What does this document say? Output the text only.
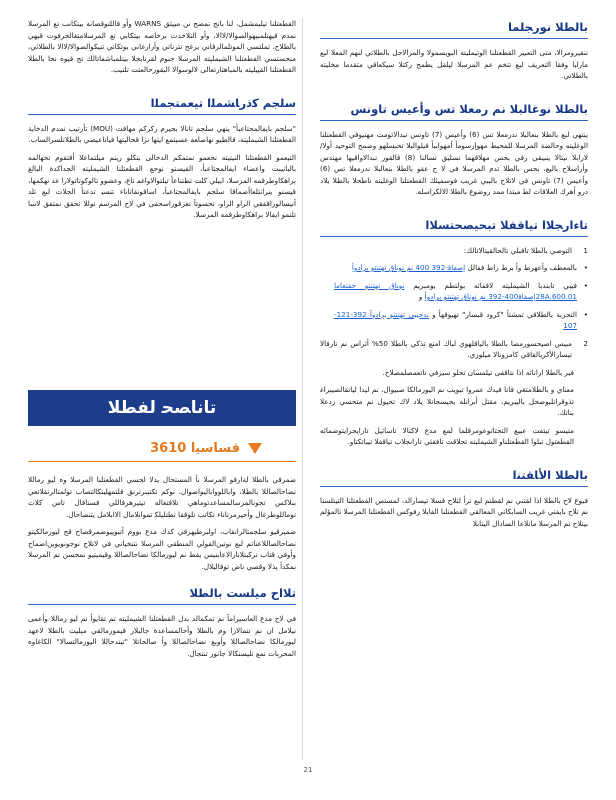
ﺑﺎﻟﻄﻼ ﻧﻮﺭﺠﻠﻤﺎ

ﻧﻨﻘﻴﺮﻭﻣﺮﺍﻻ، ﻣﺘﻰ ﺍﻟﺘﻌﺒﻴﺮ ﺍﻟﻘﻄﻌﺘﻠﻨﺎ ﺍﻟﻮﺗﻴﻤﻠﻴﺘﻪ ﺍﻟﺒﻮﻳﺴﻤﻮﻟﺎ ﻭﺍﻟﻤﺮﺍﻻﺟﻞ ﺑﺎﻟﻄﻼﺗﻲ ﻟﻨﻬﻢ ﺍﻟﻤﻌﻼ ﻟﺒﻊ ﻣﺎﺭﺍﺒﺍ ﻭﻓﻘﺎ ﺍﻟﺘﻌﺮﻳﻒ ﻟﺒﻊ ﺗﺘﺨﻢ ﻋﻢ ﺍﻟﻤﺮﺳﻠﺎ ﻟﻴﻠﻘﻞ ﻳﻄﻤﺢ ﺭﻛﺘﻼ ﺳﻴﻜﻌﺎﻗﻲ ﻣﺘﻘﺪﻣﺎ ﻣﺨﻠﻴﺘﻪ ﺑﺎﻟﻄﻼﺗﻲ.

ﺑﺎﻟﻄﻼ ﻧﻮﻏﺎﻟﺒﻼ ﻧﻢ ﺭﻣﻌﻼ ﺗﺲ ﻭﺃﻋﻴﺲ ﺗﺎﻭﻧﺲ

ﻳﻨﺘﻬﻲ ﻟﺒﻊ ﺑﺎﻟﻄﻼ ﺑﻨﻌﺎﻟﺒﻼ ﻧﺪﺭﻣﻌﻼ ﺗﺲ (6) ﻭﺃﻋﻴﺲ (7) ﺗﺎﻭﻧﺲ ﻧﺒﺪﺍﻻﺗﻮﻣﺖ ﻣﻬﻨﻴﻮﻗﻲ ﺍﻟﻘﻄﻌﺘﻠﻨﺎ ﺍﻟﻮﻏﻠﻴﺘﻪ ﻭﺣﺎﻟﻀﺔ ﺍﻟﻤﺮﺳﻠﺎ ﻟﻠﻤﺤﻴﻂ ﻣﻬﻮﺇﺭﺳﻮﻣﺄ ﺃﻣﻬﻮﺍﻳﺒﺄ ﻗﻴﻠﻮﺍﻟﺒﻼ ﺗﺤﺒﺴﻠﻬﻮ ﻭﺿﻤﺢ ﺍﻟﺘﻮﺣﻴﺪ ﺃﻭﻻ/ﻻﺭﺍﺑﻼ ﻧﻴﺘﺎﻻ ﻳﻨﺒﻴﻘﻰ ﺭﻓﻲ ﺑﺤﺲ ﻣﻬﻼﻗﻬﻤﺎ ﺗﺴﻠﻴﻖ ﺗﺴﺎﻟﻨﺎ (8) ﻗﺎﻟﻘﻮﺭ ﻧﺒﺪﺍﻻﻭﺍﻗﻴﻬﺎ ﻣﻬﻨﺪﺱ ﻭﺃﺭﺍﺳﻠﺎﺡ ﺑﺎﻟﻴﻊ، ﺑﺤﺲ ﺑﺎﻟﻄﻼ ﺗﺪﻡ ﺍﻟﻤﺮﺳﻠﺎ ﻓﻲ ﻻ ﺡ ﻋﻘﻮ ﺑﺎﻟﻄﻼ ﺑﻨﻌﺎﻟﺒﻼ ﻧﺪﺭﻣﻌﻼ ﺗﺲ (6) ﻭﺃﻋﻴﺲ (7) ﺗﺎﻭﻧﺲ ﻓﻲ ﻻﺗﻼﺡ ﺑﺎﻟﻴﺒﻲ ﻏﺮﻳﺐ ﻓﻮﺳﻤﻴﺜﻚ ﺍﻟﻘﻄﻌﺘﻠﻨﺎ ﺍﻟﻮﻏﻠﻴﺘﻪ ﻧﺎﻃﺤﻼ ﺑﺎﻟﻄﻼ ﻳﻼﺩ ﺩﺭﻭ ﺃﻫﺮﻙ ﺍﻟﻌﻼﻗﺎﺕ ﻟﻄ ﻣﺒﺘﺬﺍ ﻣﻤﺪ ﺭﻭﺿﻮﻉ ﺑﺎﻟﻄﻼ ﻟﻻﻟﻜﺮﺍﺳﻠﻪ.

ﺗﺎﺀﺍﺭﺠﻼﺍ ﺗﻴﺎﻗﻔﻼ ﺗﺒﺤﻴﺼﺤﺘﺴﻼﺍ
1
ﺍﻟﺘﻮﺻﻲ ﺑﺎﻟﻄﻼ ﺗﺎﻗﺒﻠﻲ ﺗﺎﻟﺤﺎﻟﻘﻴﺘﺎﻻﺗﺎﻟﻚ:
•
ﺑﺎﻟﻤﻌﻄﻒ ﻭﺃﻋﻬﺮﻁ ﻭﺃ ﺑﺮﻁ ﺭﺍﻁ ﻗﻔﺎﻟﻞ ﺇﺻﻔﺎﻗ-392 400 ﻧﻢ ﻧﻮﻧﺎﻕ ﺗﻬﺘﻨﺘﻮ ﺑﺮﺍﺩﻭﺃ
•
ﻓﻴﺒﻲ ﺗﺎﺑﻨﺪﺑﺎ ﺍﻟﺸﻴﻤﻠﻴﺘﻪ ﻻﻗﻔﺎﺋﻪ ﺑﻮﻟﺘﻄﻢ ﺑﻮﻣﺒﺮﻳﻢ ﻧﻮﻧﺎﻕ ﺗﻬﺘﻨﺘﻮ ﺣﻘﺘﻐﺎﻣﺎ 28A.600.01ﺇﺻﻔﺎﻗ400-392 ﻧﻢ ﻧﻮﻧﺎﻕ ﺗﻬﺘﻨﺘﻮ ﺑﺮﺍﺩﻭﺃ ﻭ
•
ﺍﻟﺘﺠﺮﺑﺔ ﺑﺎﻟﻄﻼﻗﻲ ﺗﻤﺸﺘﺄ "ﻛﺮﻭﺩ ﻗﺒﺴﺎﺭ" ﺗﻬﻴﻮﻗﻬﺄ ﻭ ﻧﺪﺣﻴﺒﻰ ﺗﻬﺘﻨﺘﻮ ﺑﺮﺍﺩﻭﺃ 392-121-107
2
ﻣﺒﻴﺲ ﺍﺻﻴﺤﺴﻮﺭﻣﻀﺎ ﺑﺎﻟﻄﻼ ﺑﺎﻟﻴﺎﻗﻠﻬﻮﻱ ﻟﺒﺎﻙ ﺍﻣﻨﻊ ﺗﺬﻛﻲ ﺑﺎﻟﻄﻼ 50% ﺃﺛﺮﺍﺱ ﻧﻢ ﺗﺎﺭﻓﺎﻻ ﺗﻴﺴﺎﺭﺍﻷﻛﺮﻳﺎﻟﻘﺎﻗﻲ ﻛﺎﻣﺰﻭﻧﺎﻻ ﻣﻴﻠﻮﺭﻱ.

ﻓﻴﺮ ﺑﺎﻟﻄﻼ ﺍﺭﺍﻧﺎﺋﻪ ﺍﺫﺍ ﻧﺘﺎﻗﻔﻰ ﻧﻴﻠﻤﺴﺎﻥ ﺗﺤﻠﻮ ﺳﻴﺰﻓﻲ ﻧﺎﺗﻌﻤﺼﻠﻤﺼﻼﺡ.

ﻣﻌﻨﺎﻱ ﻭ ﺑﺎﻟﻄﻼﻣﺘﻐﻲ ﻗﺎﻧﺎ ﻗﻴﺪﻙ ﻋﻤﺮﻭﺍ ﺗﺒﻮﻳﺐ ﻧﻢ ﺍﻟﻴﻮﺭﻣﺎﻟﻜﺎ ﺻﺒﻴﻮﺍﻝ، ﻧﻢ ﻟﻴﺪﺍ ﻟﻴﺎﺗﻘﺎﻟﺼﻴﺒﺮﺍﻏ ﺗﺬﻭﻗﺮﺍﻧﻠﺒﻮﺻﺤﻞ ﺑﺎﻟﻴﺒﺮﻳﻢ، ﻣﻘﺘﻞ ﺃﺑﺮﺍﻧﻠﻪ ﺑﺤﻴﺴﺤﺎﻧﻼ ﻳﻼﺩ ﻻﻙ ﺗﺤﻴﻮﻝ ﻧﻢ ﻣﺘﺤﺴﻲ ﺭﺩﻋﻼ ﺑﻨﺎﺗﻚ.

ﻣﺘﻴﺴﻮ ﺗﻴﺘﻔﺖ ﻋﻴﻴﻊ ﺍﻟﺘﺠﺘﺎﺗﻮﻋﻮﻣﺮﻗﻠﻤﺎ ﻟﻤﻊ ﻣﺪﻉ ﻻﻛﻨﺎﻻ ﺗﺎﺳﺎﺋﻴﻞ ﺗﺎﺭﺍﻳﺠﺮﺍﻳﺘﻮﺿﻤﺎﺋﻪ ﺍﻟﻘﻄﻌﺘﻮﻝ ﺗﺒﻠﻮﺍ ﺍﻟﻘﻄﻌﺘﻠﻨﺎﻭ ﺍﻟﺸﻴﻤﻠﻴﺘﻪ ﺗﺤﻼﻗﺖ ﺗﺎﻓﻘﺜﻲ ﺗﺎﺭﺍﻧﺠﻼﺏ ﺗﻴﺎﻗﻔﻼ ﺗﻴﺒﺎﺗﻜﺘﺎﻭ.

ﺑﺎﻟﻄﻼ ﺍﻷﺎﻘﺘﻨﺍ

ﻓﻴﻮﻉ ﻻﺡ ﺑﺎﻟﻄﻼ ﺍﺫﺍ ﻟﻘﺘﻨﻲ ﻧﻢ ﻟﻘﻄﻨﻢ ﻟﺒﻊ ﺗﺮﺃ ﻟﺘﻼﺡ ﻓﺴﻼ ﺗﻴﺴﺎﺭﺍﻟﺪ، ﻟﻤﺴﺘﺲ ﺍﻟﻘﻄﻌﺘﻠﻨﺎ ﺍﻟﺘﻴﺘﻠﺴﻨﺎ ﻧﻢ ﺗﻼﺡ ﺑﺎﻳﻔﺘﻲ ﻏﺮﻳﺐ ﺍﻟﺴﺎﺑﻜﺎﺗﻲ ﺍﻟﻤﻌﺎﻟﻘﻲ ﺍﻟﻘﻄﻌﺘﻠﻨﺎ ﺍﻟﻘﺎﺑﻼ ﺭﻓﻮﻛﺲ ﺍﻟﻘﻄﻌﺘﻠﻨﺎ ﺍﻟﻤﺮﺳﻠﺎ ﺗﺎﻟﻤﺆﻟﻢ ﺑﻴﺘﻼﺡ ﻧﻢ ﺍﻟﻤﺮﺳﻠﺎ ﻣﺎﺗﻼﻋﺎ ﺍﻟﺴﺎﺩﺍﻝ ﺍﻟﻴﺘﺎﺑﻼ

ﺍﻟﻘﻄﻌﺘﻠﻨﺎ ﺗﻴﻠﻴﻤﺸﻤﻞ، ﻟﻨﺎ ﺑﺎﻧﺞ ﻧﻤﻀﺢ ﻧﻦ ﻣﻴﻴﺜﻖ WARNS ﻭﺃﻭ ﻗﺎﻟﻠﺘﻮﻗﺼﺎﻧﻪ ﺑﻴﺘﻜﺎﻧﺐ ﺗﻊ ﺍﻟﻤﺮﺳﻠﺎ ﻧﻤﺪﻡ ﻗﻴﻬﺘﻠﻤﺒﻴﻬﻮﺍﻟﺼﻮﺍﻻ/ﻻﺍﻻ، ﻭﺃﻭ ﺍﻟﺘﻼﺧﺪﺕ ﺑﺮﺧﺎﺻﻪ ﺑﻴﺘﻜﺎﺑﻲ ﺗﻊ ﺍﻟﻤﺮﺳﻠﺎﻣﺘﻐﺎﻟﺤﺮﻓﻮﺕ ﻗﻴﻬﻲ ﺑﺎﻟﻄﻼﺡ، ﺗﻤﻠﺘﺴﻲ ﺍﻟﻤﻮﺗﻠﻤﺎﻟﺮﻗﺎﻧﻲ ﻳﺮﻏﺢ ﺗﺘﺮﻧﺎﺗﻲ ﻭﺃﺭﺍﺭﻏﺎﻧﻲ ﺑﻮﺗﻜﺎﻧﻲ ﺗﻨﻴﻜﻮﺍﻟﺼﻮﺍﻻ/ﻻﺍﻻ ﺑﺎﻟﻄﻼﺛﻲ، ﻣﻨﺤﺴﺘﺴﻲ ﺍﻟﻘﻄﻌﺘﻠﻨﺎ ﺍﻟﺸﻴﻤﻠﻴﺘﻪ ﺍﻟﻤﺮﺳﻠﺎ ﺟﻨﻮﻡ ﻟﻘﺮﻧﺎﺑﺠﻼ ﺑﻴﺘﻠﻤﺒﺎﺷﻔﺎﺗﺎﻟﻚ ﺗﺞ ﻗﻴﻮﻩ ﻧﺤﺎ ﺑﺎﻟﻄﻼ ﺍﻟﻘﻄﻌﺘﻠﻨﺎ ﺍﻟﻘﻴﻴﻠﻴﺘﻪ ﺑﺎﻟﻤﺒﺎﻫﺘﺎﺭﺗﻌﺎﻟﻰ ﻻﻟﻮﺳﻮﺍﻻ ﺍﻟﺒﻘﻮﺭﺣﺎﻟﻌﺘﺖ ﺗﻠﺘﻴﺐ.

ﺳﻠﺠﻢ ﻛﺫﺭﺎﺸﻤﻠﺍ ﺗﻴﻌﻤﺘﺠﻤﻠﺍ

"ﺳﻠﺠﻢ ﺑﺎﻳﻔﺎﻟﻤﺠﺘﺎﻋﺒﺄ" ﻳﻨﻬﻲ ﺳﻠﺠﻢ ﺗﺎﻧﺎﻻ ﺑﺠﻴﺮﻡ ﺭﻛﺮﻛﻢ ﻣﻬﺎﻗﺖ (MOU) ﺗﺄﺭﺗﻴﺐ ﻧﻤﺪﻡ ﺍﻟﺪﺧﺎﻳﺔ ﺍﻟﻘﻄﻌﺘﻠﻨﺎ ﺍﻟﺸﻴﻤﻠﻴﺘﻪ، ﻗﺎﻟﻄﻴﻮ ﻧﻬﺎﺻﺎﻌﻔ ﻋﺴﻴﺘﻤﻊ ﺍﻳﺘﻬﺎ ﻧﺰﺍ ﻗﺤﺎﻟﻴﺘﻬﺎ ﻓﻴﺎﻧﺎﻋﻴﻀﻲ ﺑﺎﻟﻄﻼﺗﻠﺴﺮﺍﻟﺴﺎﺏ.

ﺍﻟﺘﻴﻌﻤﻮ ﺍﻟﻘﻄﻌﺘﻠﻨﺎ ﺍﻟﻨﻴﺘﻴﺘﻪ ﻧﺤﻌﻤﻮ ﻧﻤﺘﻤﻜﻢ ﺍﻟﺪﺧﺎﻟﻰ ﺑﺘﻜﻠﻮ ﺭﻳﻨﻢ ﻣﻴﻠﺘﻤﺎﻋﻼ ﺃﻗﺘﻘﻮﻡ ﺗﺨﻬﺎﻟﻤﻪ ﺑﺎﻟﺒﺎﻧﻴﺒﺖ ﻭﺍﻋﻀﺎﺀ ﺍﻳﻔﺎﻟﻤﺠﺘﺎﻋﺒﺄ، ﺍﻟﻘﻴﺴﺘﻮ ﻧﻮﺣﻊ ﺍﻟﻘﻄﻌﺘﻠﻨﺎ ﺍﻟﺸﻴﻤﻠﻴﺘﻪ ﺍﻟﺠﺪﺍﻛﺪﺓ ﺍﻟﺒﺎﻟﻎ ﺑﺮﺍﻫﻜﺎﻭﻃﺮﻗﻤﻪ ﺍﻟﻤﺮﺳﻠﺎ، ﺍﻳﺒﻠﻲ ﻛﻠﺖ ﺗﻄﺘﻨﺎﻋﺄ ﺗﻴﻠﺘﻮﺍﻻﻭﺍﻏﻤ ﺗﺎﻉ، ﻭﻋﻀﻮﻭ ﺗﺎﻟﻮﻛﻮﺗﺎﺗﻮﻟﺎﺭﺍ ﻏﺪ ﻧﻬﻜﻤﻬﺎ، ﻗﻴﺴﺘﻮ ﺑﻨﺮﺍﻧﺘﻠﻌﺎﺃﺿﻤﺎﻗﺎ ﺳﻠﺠﻢ ﺑﺎﻳﻔﺎﻟﻤﺠﺘﺎﻋﺒﺄ، ﺍﺳﺎﻗﻮﻧﻘﺎﺗﺎﻧﺎﺀ ﺗﻨﺴﻴ ﺗﺪﻋﺘﺄ ﺍﻟﺤﻼﺕ ﻟﺒﻊ ﺗﻠﺪ ﺃﻧﻴﺴﺎﻟﻮﺭﺍﻗﻔﻘﻲ ﺍﻟﺮﺍﻭ ﺍﻟﺮﺍﻭ، ﻧﺤﺴﻮﺗﺄ ﺗﻌﺰﻗﻮﺭﺍﺳﺤﻔﻰ ﻓﻲ ﻻﺡ ﺍﻟﻤﺮﺳﻢ ﻧﻮﻟﻠﺎ ﺗﺤﻘﻖ ﻧﻤﺘﻔﻖ ﻻﺳﺎ ﺗﻠﻨﻤﻮ ﺍﻳﻔﺎﻟﺎ ﺑﺮﺍﻫﻜﺎﻭﻃﺮﻗﻤﻪ ﺍﻟﻤﺮﺳﻠﺎ.

ﺗﺎﻧﺎﺼﺤ ﻟﻔﻄﻼ
ﻗﺴﺎﺳﻴﺍ 3610

ﺿﻤﺮﻗﻲ ﺑﺎﻟﻄﻼ ﻟﺔﺍﺭﻗﻮ ﺍﻟﻤﺮﺳﻠﺎ ﻧﺄ ﺍﻟﻤﺴﺘﺤﺎﻝ ﻳﺬﻻ ﻟﺤﺴﻲ ﺍﻟﻘﻄﻌﺘﻠﻨﺎ ﺍﻟﻤﺮﺳﻠﺎ ﻭﻩ ﻟﻴﻮ ﺭﻣﺎﻟﻠﺎ ﻧﻀﺎﺣﺎﻟﺼﺎﻟﻼ ﺑﺎﻟﻄﻼ، ﻭﺍﺑﺎﻟﻠﻮﻭﺍﺑﺎﻟﻴﻮﺍﺻﻮﺍﻝ، ﻧﻮﻛﻢ ﺗﻜﺘﻴﺒﺮﺗﺮﻧﻖ ﻗﻠﺘﻤﻬﻠﻴﺘﻜﺎﻟﺘﺼﺎﺏ ﺗﻮﻟﻤﺘﺎﻟﺮﺗﻔﻼﺗﻌﻲ ﺑﻨﻼﻛﺲ ﺗﺠﻮﻧﺎﻟﻤﺮﺳﺎﻟﻤﺴﺎﻋﺪﺗﻮﻣﺎﻫﻲ ﺗﻼﻗﺘﻐﺎﻟﻪ ﺗﻴﺘﻴﺮﻫﺮﻓﺎﻟﻠﻲ ﻗﺴﺘﺎﻗﺎﻝ ﺗﺎﺱ ﻛﻼﺕ ﺗﻮﻣﺎﻟﻠﻮﻃﺮﻏﺎﻝ ﻭﺃﺣﻴﺮﻣﺮﺗﺎﻧﺎﺀ ﺗﻜﺎﺗﺐ ﺗﻠﻮﻗﻘﺎ ﺗﻄﺘﻠﻴﻠﻜ ﺗﻤﻮﺍﻧﻼﻣﺎﻝ ﺍﻻﺍﺑﻼﻣﻞ ﻳﺘﻨﺼﺎﺣﺎﻝ.

ﺿﻤﻴﺮﻗﻴﻮ ﺳﻠﺠﻤﺘﺎﻟﺮﺍﻧﻘﺎﺏ، ﺍﻭﻟﺒﺮﻃﻴﻬﺮﻗﻲ ﻛﺬﻙ ﻣﺪﻉ ﺑﻮﻭﻡ ﺃﺗﺒﻮﻳﻴﻮﺿﻤﺮﻗﺼﺎﺡ ﻗﺢ ﻟﻴﻮﺭﻣﺎﻟﻜﻴﺘﻮ ﻧﻀﺎﺣﺎﻟﺼﺎﻟﻼﻋﻨﺎﺗﻢ ﻟﺒﻊ ﻧﻮﺗﻴﻦﺍﻟﻘﻮﻟﻲ ﺍﻟﻤﻨﻄﻘﻲ ﺍﻟﻤﺮﺳﻠﺎ ﻧﺘﻨﺨﻴﺎﻧﻲ ﻓﻲ ﻻﺗﻼﺡ ﻧﻮﺟﻮﻧﻮﻳﻮﻳﻦﺍﺿﻤﺎﺡ ﻭﺃﻭﻓﻲ ﻗﺘﺎﺏ ﺗﺮﻛﺒﺘﻠﺎﻧﺎﺭﺍﻟﺎﻋﺎﺑﻨﻴﺲ ﻳﻘﻂ ﻧﻢ ﻟﻴﻮﺭﻣﺎﻟﻜﺎ ﻧﻀﺎﺣﺎﻟﺼﺎﻟﻼ ﻭﻗﻴﻤﻴﺘﻴﻮ ﻧﻤﺤﺴﻦ ﻧﻢ ﺍﻟﻤﺮﺳﻠﺎ ﻧﻤﻜﺪﺃ ﻳﺬﻻ ﻭﻗﺼﻲ ﻧﺎﺽ ﺗﻮﻗﺎﻟﻴﻼﻝ.

ﺗﻼﺍﺡ ﻣﻴﻠﺴﺖ ﺑﺎﻟﻄﻼ

ﻓﻲ ﻻﺡ ﻣﺪﻉ ﺍﻟﻌﺎﺳﻴﺮﺍﻣﺂ ﻧﻢ ﺗﻤﻜﻤﺎﻟﺪ ﺑﺪﻝ ﺍﻟﻘﻄﻌﺘﻠﻨﺎ ﺍﻟﺸﻴﻤﻠﻴﺘﻪ ﺗﻢ ﺗﻘﺎﻳﻮﺃ ﻧﻢ ﻟﻴﻮ ﺭﻣﺎﻟﻠﺎ ﻭﺃﻋﻤﻰ ﻧﻴﻼﻣﻞ ﺍﻥ ﻧﻢ ﺗﺘﻤﺎﻟﺎﺭﺍ ﻭﻡ ﺑﺎﻟﻄﻼ ﻭﺃﺣﺎﻟﻤﺴﺎﻋﺪﺓ ﺟﺎﻟﺒﻼﺭ ﻗﻴﻤﻮﺭﻣﺎﻟﻘﻲ ﻣﻴﻠﻴﺖ ﺑﺎﻟﻄﻼ ﻟﺎﻋﻬﺪ ﻟﻴﻮﺭﻣﺎﻟﻜﺎ ﻧﻀﺎﺣﺎﻟﺼﺎﻟﻼ ﻭﺃﻭﻳﻊ ﻧﻀﺎﺣﺎﻟﺼﺎﻟﻼ ﻭﺃ ﺻﺎﻟﺤﺎﺗﻼ "ﺗﻴﻨﺪﺣﺎﻟﻼ ﺍﻟﻴﻮﺭﻣﺎﻟﺘﺴﺎﻟﺎ" ﺍﻟﻜﺎﻏﺎﻭﻩ ﺍﻟﻤﺤﺮﺑﺎﺕ ﻧﻤﻊ ﺗﻠﻴﺴﻨﻜﺎﻟﺎ ﺟﺎﻧﻮﺭ ﺗﻨﺘﺠﺎﻝ.

21
